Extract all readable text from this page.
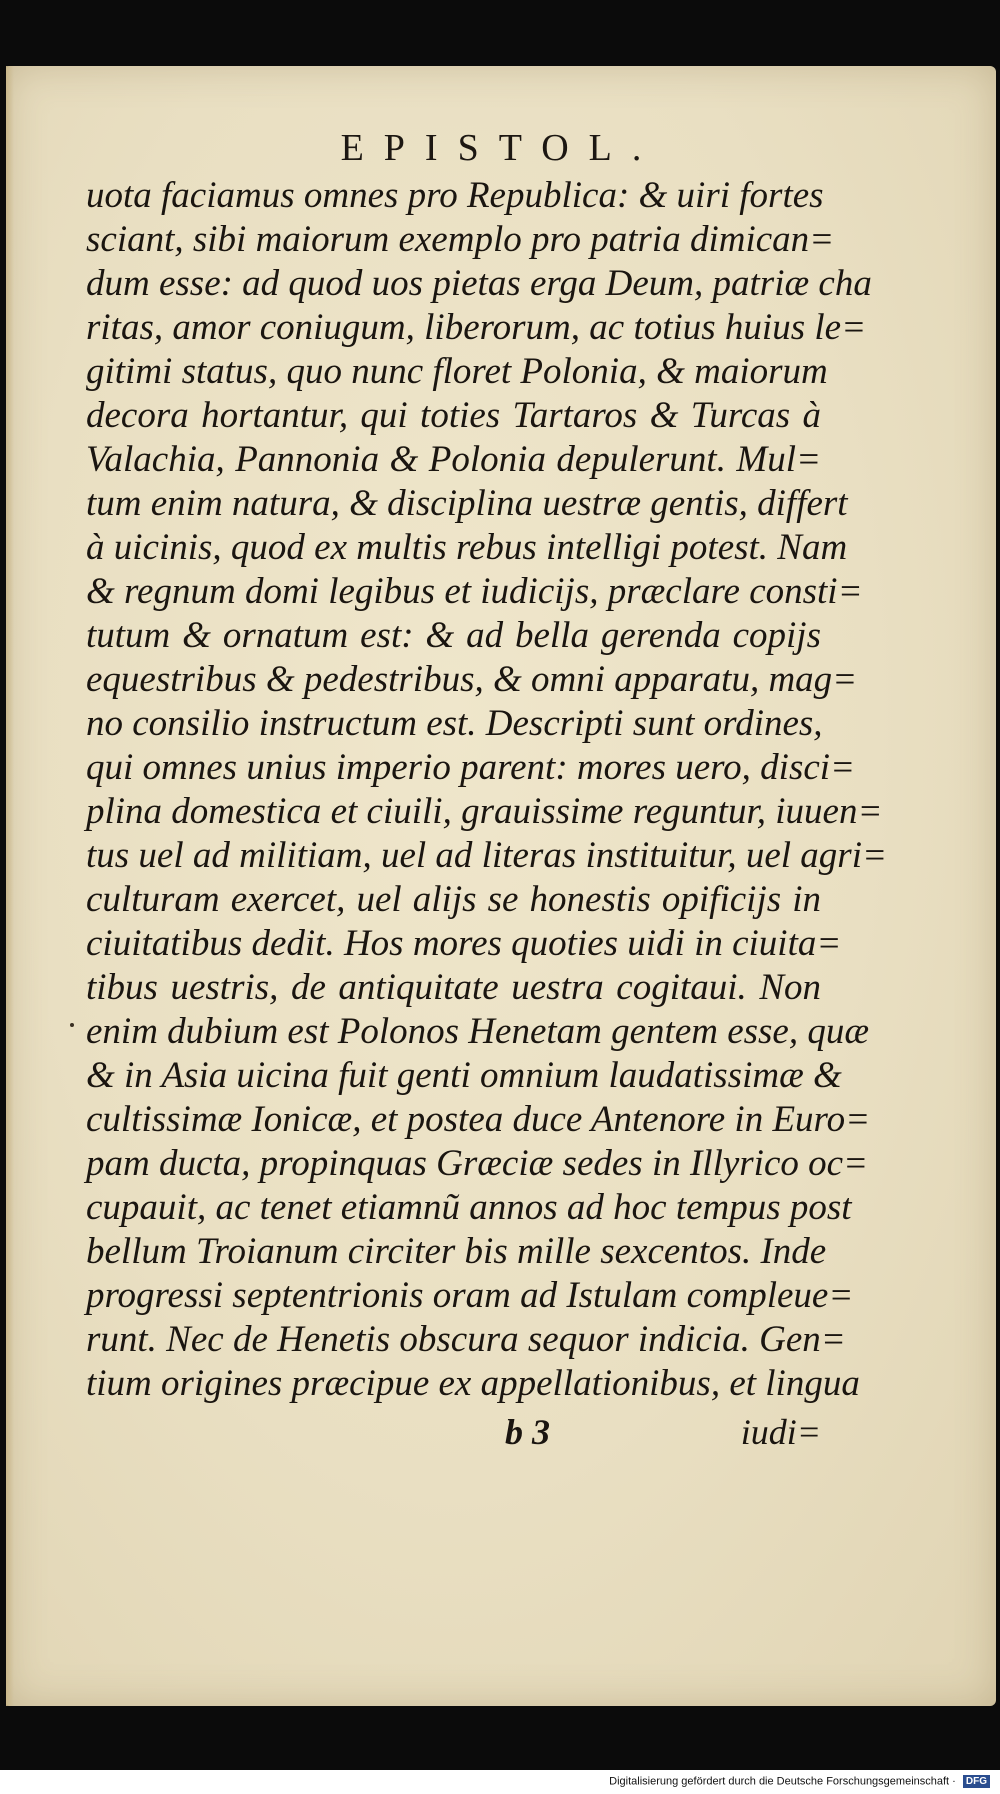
EPISTOL.
uota faciamus omnes pro Republica: & uiri fortes
sciant, sibi maiorum exemplo pro patria dimican=
dum esse: ad quod uos pietas erga Deum, patriæ cha
ritas, amor coniugum, liberorum, ac totius huius le=
gitimi status, quo nunc floret Polonia, & maiorum
decora hortantur, qui toties Tartaros & Turcas à
Valachia, Pannonia & Polonia depulerunt. Mul=
tum enim natura, & disciplina uestræ gentis, differt
à uicinis, quod ex multis rebus intelligi potest. Nam
& regnum domi legibus et iudicijs, præclare consti=
tutum & ornatum est: & ad bella gerenda copijs
equestribus & pedestribus, & omni apparatu, mag=
no consilio instructum est. Descripti sunt ordines,
qui omnes unius imperio parent: mores uero, disci=
plina domestica et ciuili, grauissime reguntur, iuuen=
tus uel ad militiam, uel ad literas instituitur, uel agri=
culturam exercet, uel alijs se honestis opificijs in
ciuitatibus dedit. Hos mores quoties uidi in ciuita=
tibus uestris, de antiquitate uestra cogitaui. Non
enim dubium est Polonos Henetam gentem esse, quæ
& in Asia uicina fuit genti omnium laudatissimæ &
cultissimæ Ionicæ, et postea duce Antenore in Euro=
pam ducta, propinquas Græciæ sedes in Illyrico oc=
cupauit, ac tenet etiamnũ annos ad hoc tempus post
bellum Troianum circiter bis mille sexcentos. Inde
progressi septentrionis oram ad Istulam compleue=
runt. Nec de Henetis obscura sequor indicia. Gen=
tium origines præcipue ex appellationibus, et lingua
b 3	iudi=
Digitalisierung gefördert durch die Deutsche Forschungsgemeinschaft · DFG
